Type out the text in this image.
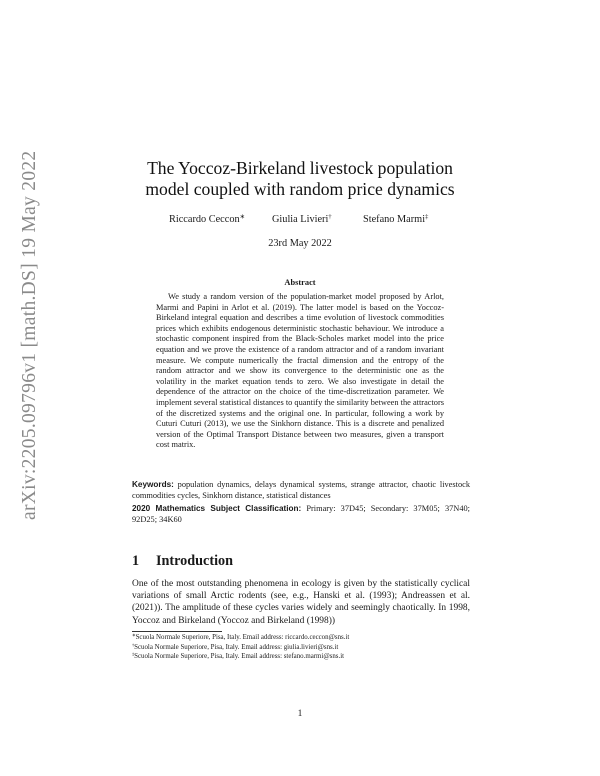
arXiv:2205.09796v1 [math.DS] 19 May 2022	The Yoccoz-Birkeland livestock population
model coupled with random price dynamics
Riccardo Ceccon∗	Giulia Livieri†	Stefano Marmi‡
23rd May 2022
Abstract
We study a random version of the population-market model proposed by Arlot, Marmi and Papini in Arlot et al. (2019). The latter model is based on the Yoccoz-Birkeland integral equation and describes a time evolution of livestock commodities prices which exhibits endogenous deterministic stochastic behaviour. We introduce a stochastic component inspired from the Black-Scholes market model into the price equation and we prove the existence of a random attractor and of a random invariant measure. We compute numerically the fractal dimension and the entropy of the random attractor and we show its convergence to the deterministic one as the volatility in the market equation tends to zero. We also investigate in detail the dependence of the attractor on the choice of the time-discretization parameter. We implement several statistical distances to quantify the similarity between the attractors of the discretized systems and the original one. In particular, following a work by Cuturi Cuturi (2013), we use the Sinkhorn distance. This is a discrete and penalized version of the Optimal Transport Distance between two measures, given a transport cost matrix.
Keywords: population dynamics, delays dynamical systems, strange attractor, chaotic livestock commodities cycles, Sinkhorn distance, statistical distances
2020 Mathematics Subject Classification: Primary: 37D45; Secondary: 37M05; 37N40; 92D25; 34K60
1 Introduction
One of the most outstanding phenomena in ecology is given by the statistically cyclical variations of small Arctic rodents (see, e.g., Hanski et al. (1993); Andreassen et al. (2021)). The amplitude of these cycles varies widely and seemingly chaotically. In 1998, Yoccoz and Birkeland (Yoccoz and Birkeland (1998))
∗Scuola Normale Superiore, Pisa, Italy. Email address: riccardo.ceccon@sns.it
†Scuola Normale Superiore, Pisa, Italy. Email address: giulia.livieri@sns.it
‡Scuola Normale Superiore, Pisa, Italy. Email address: stefano.marmi@sns.it
1
